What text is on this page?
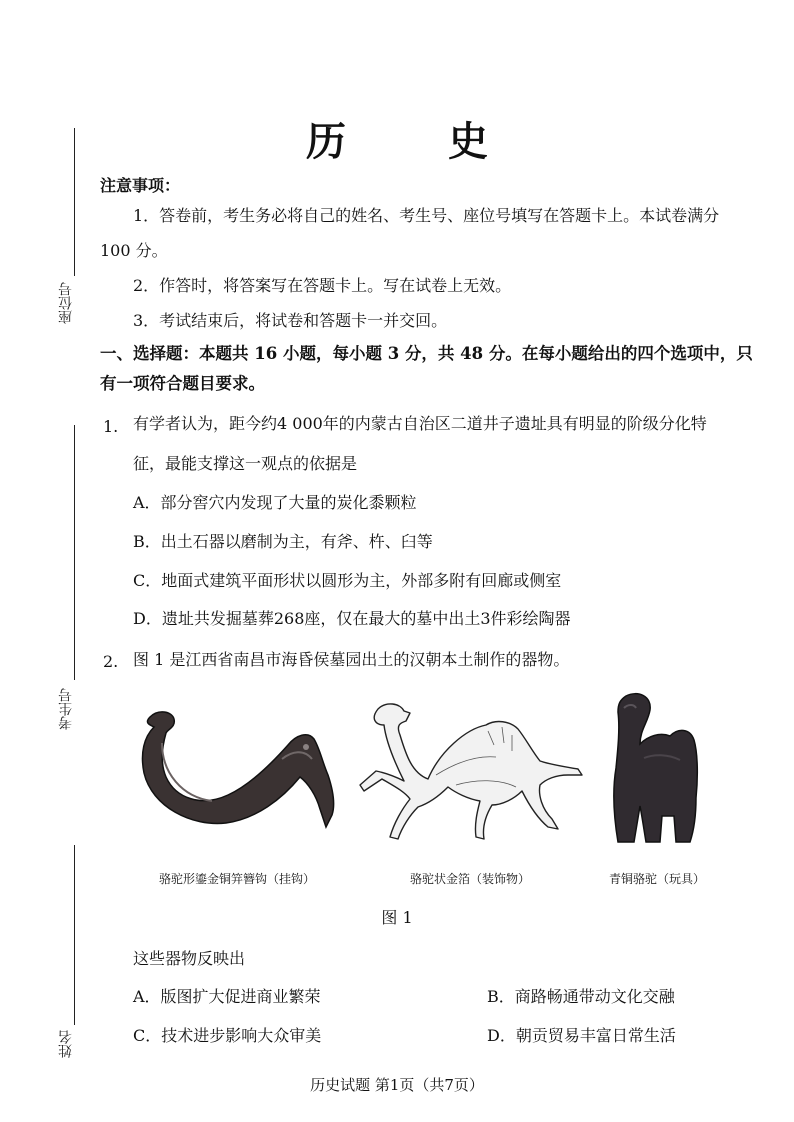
座位号
考生号
姓名
历 史
注意事项：
1．答卷前，考生务必将自己的姓名、考生号、座位号填写在答题卡上。本试卷满分
100 分。
2．作答时，将答案写在答题卡上。写在试卷上无效。
3．考试结束后，将试卷和答题卡一并交回。
一、选择题：本题共 16 小题，每小题 3 分，共 48 分。在每小题给出的四个选项中，只
有一项符合题目要求。
1. 有学者认为，距今约4 000年的内蒙古自治区二道井子遗址具有明显的阶级分化特
征，最能支撑这一观点的依据是
A．部分窖穴内发现了大量的炭化黍颗粒
B．出土石器以磨制为主，有斧、杵、臼等
C．地面式建筑平面形状以圆形为主，外部多附有回廊或侧室
D．遗址共发掘墓葬268座，仅在最大的墓中出土3件彩绘陶器
2. 图 1 是江西省南昌市海昏侯墓园出土的汉朝本土制作的器物。
骆驼形鎏金铜笄簪钩（挂钩）	骆驼状金箔（装饰物）	青铜骆驼（玩具）
图 1
这些器物反映出
A．版图扩大促进商业繁荣	B．商路畅通带动文化交融
C．技术进步影响大众审美	D．朝贡贸易丰富日常生活
历史试题 第1页（共7页）
